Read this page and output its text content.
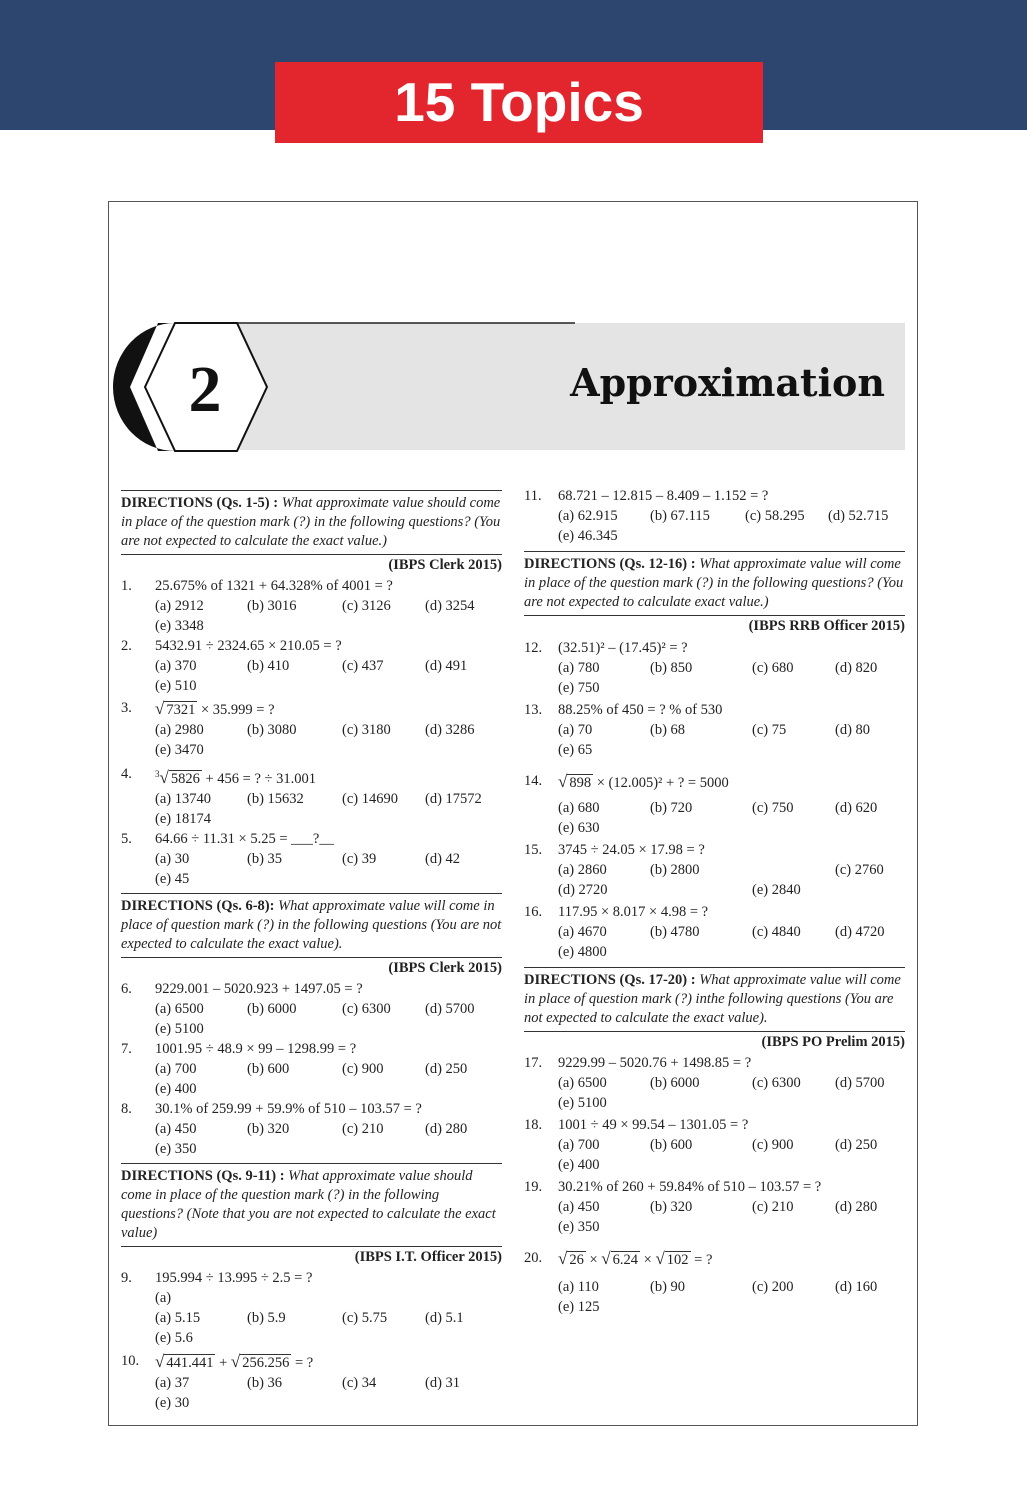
15 Topics
2	Approximation
DIRECTIONS (Qs. 1-5) : What approximate value should come in place of the question mark (?) in the following questions? (You are not expected to calculate the exact value.)
(IBPS Clerk 2015)
1. 25.675% of 1321 + 64.328% of 4001 = ?
(a) 2912	(b) 3016	(c) 3126 (d) 3254
(e) 3348
2. 5432.91 ÷ 2324.65 × 210.05 = ?
(a) 370	(b) 410	(c) 437	(d) 491
(e) 510
3. √ 7321 × 35.999 = ?
(a) 2980	(b) 3080	(c) 3180 (d) 3286
(e) 3470
4.	$^3$√ 5826 + 456 = ? ÷ 31.001
(a) 13740 (b) 15632	(c) 14690 (d) 17572
(e) 18174
5. 64.66 ÷ 11.31 × 5.25 = ___?__
(a) 30	(b) 35	(c) 39	(d) 42
(e) 45
DIRECTIONS (Qs. 6-8): What approximate value will come in place of question mark (?) in the following questions (You are not expected to calculate the exact value).
(IBPS Clerk 2015)
6. 9229.001 – 5020.923 + 1497.05 = ?
(a) 6500	(b) 6000	(c) 6300 (d) 5700
(e) 5100
7. 1001.95 ÷ 48.9 × 99 – 1298.99 = ?
(a) 700	(b) 600	(c) 900	(d) 250
(e) 400
8. 30.1% of 259.99 + 59.9% of 510 – 103.57 = ?
(a) 450	(b) 320	(c) 210	(d) 280
(e) 350
DIRECTIONS (Qs. 9-11) : What approximate value should come in place of the question mark (?) in the following questions? (Note that you are not expected to calculate the exact value)
(IBPS I.T. Officer 2015)
9. 195.994 ÷ 13.995 ÷ 2.5 = ?
(a)
(a) 5.15	(b) 5.9	(c) 5.75	(d) 5.1
(e) 5.6
10. √ 441.441 + √ 256.256 = ?
(a) 37	(b) 36	(c) 34	(d) 31
(e) 30
11. 68.721 – 12.815 – 8.409 – 1.152 = ?
(a) 62.915 (b) 67.115 (c) 58.295 (d) 52.715
(e) 46.345
DIRECTIONS (Qs. 12-16) : What approximate value will come in place of the question mark (?) in the following questions? (You are not expected to calculate exact value.)
(IBPS RRB Officer 2015)
12. (32.51)² – (17.45)² = ?
(a) 780	(b) 850	(c) 680	(d) 820
(e) 750
13. 88.25% of 450 = ? % of 530
(a) 70	(b) 68	(c) 75	(d) 80
(e) 65
14. √ 898 × (12.005)² + ? = 5000
(a) 680	(b) 720	(c) 750	(d) 620
(e) 630
15. 3745 ÷ 24.05 × 17.98 = ?
(a) 2860	(b) 2800	(c) 2760
(d) 2720	(e) 2840
16. 117.95 × 8.017 × 4.98 = ?
(a) 4670	(b) 4780	(c) 4840 (d) 4720
(e) 4800
DIRECTIONS (Qs. 17-20) : What approximate value will come in place of question mark (?) inthe following questions (You are not expected to calculate the exact value).
(IBPS PO Prelim 2015)
17. 9229.99 – 5020.76 + 1498.85 = ?
(a) 6500	(b) 6000	(c) 6300 (d) 5700
(e) 5100
18. 1001 ÷ 49 × 99.54 – 1301.05 = ?
(a) 700	(b) 600	(c) 900	(d) 250
(e) 400
19. 30.21% of 260 + 59.84% of 510 – 103.57 = ?
(a) 450	(b) 320	(c) 210	(d) 280
(e) 350
20. √ 26 × √ 6.24 × √ 102 = ?
(a) 110	(b) 90	(c) 200	(d) 160
(e) 125
